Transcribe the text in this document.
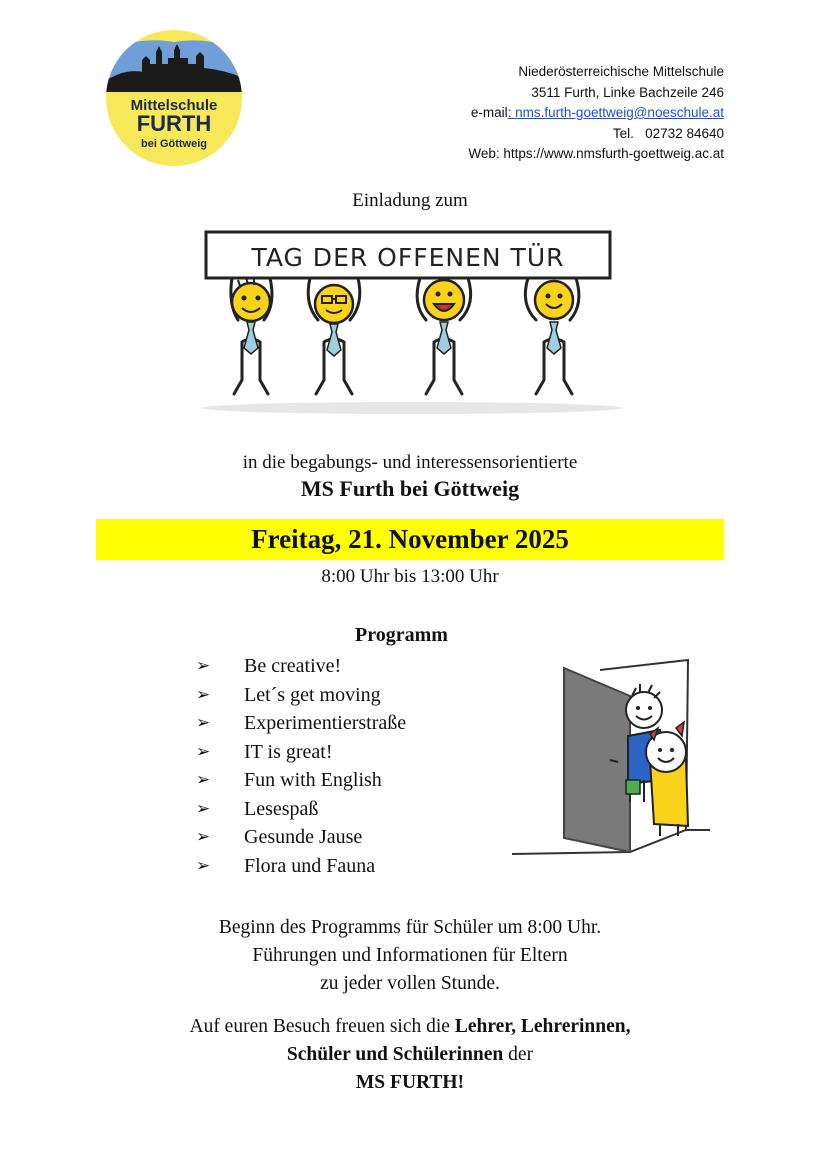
Mittelschule
FURTH
bei Göttweig
Niederösterreichische Mittelschule
3511 Furth, Linke Bachzeile 246
e-mail: nms.furth-goettweig@noeschule.at
Tel. 02732 84640
Web: https://www.nmsfurth-goettweig.ac.at
Einladung zum
TAG DER OFFENEN TÜR
in die begabungs- und interessensorientierte
MS Furth bei Göttweig
Freitag, 21. November 2025
8:00 Uhr bis 13:00 Uhr
Programm
➢	Be creative!
➢	Let´s get moving
➢	Experimentierstraße
➢	IT is great!
➢	Fun with English
➢	Lesespaß
➢	Gesunde Jause
➢	Flora und Fauna
Beginn des Programms für Schüler um 8:00 Uhr.
Führungen und Informationen für Eltern
zu jeder vollen Stunde.
Auf euren Besuch freuen sich die Lehrer, Lehrerinnen,
Schüler und Schülerinnen der
MS FURTH!
